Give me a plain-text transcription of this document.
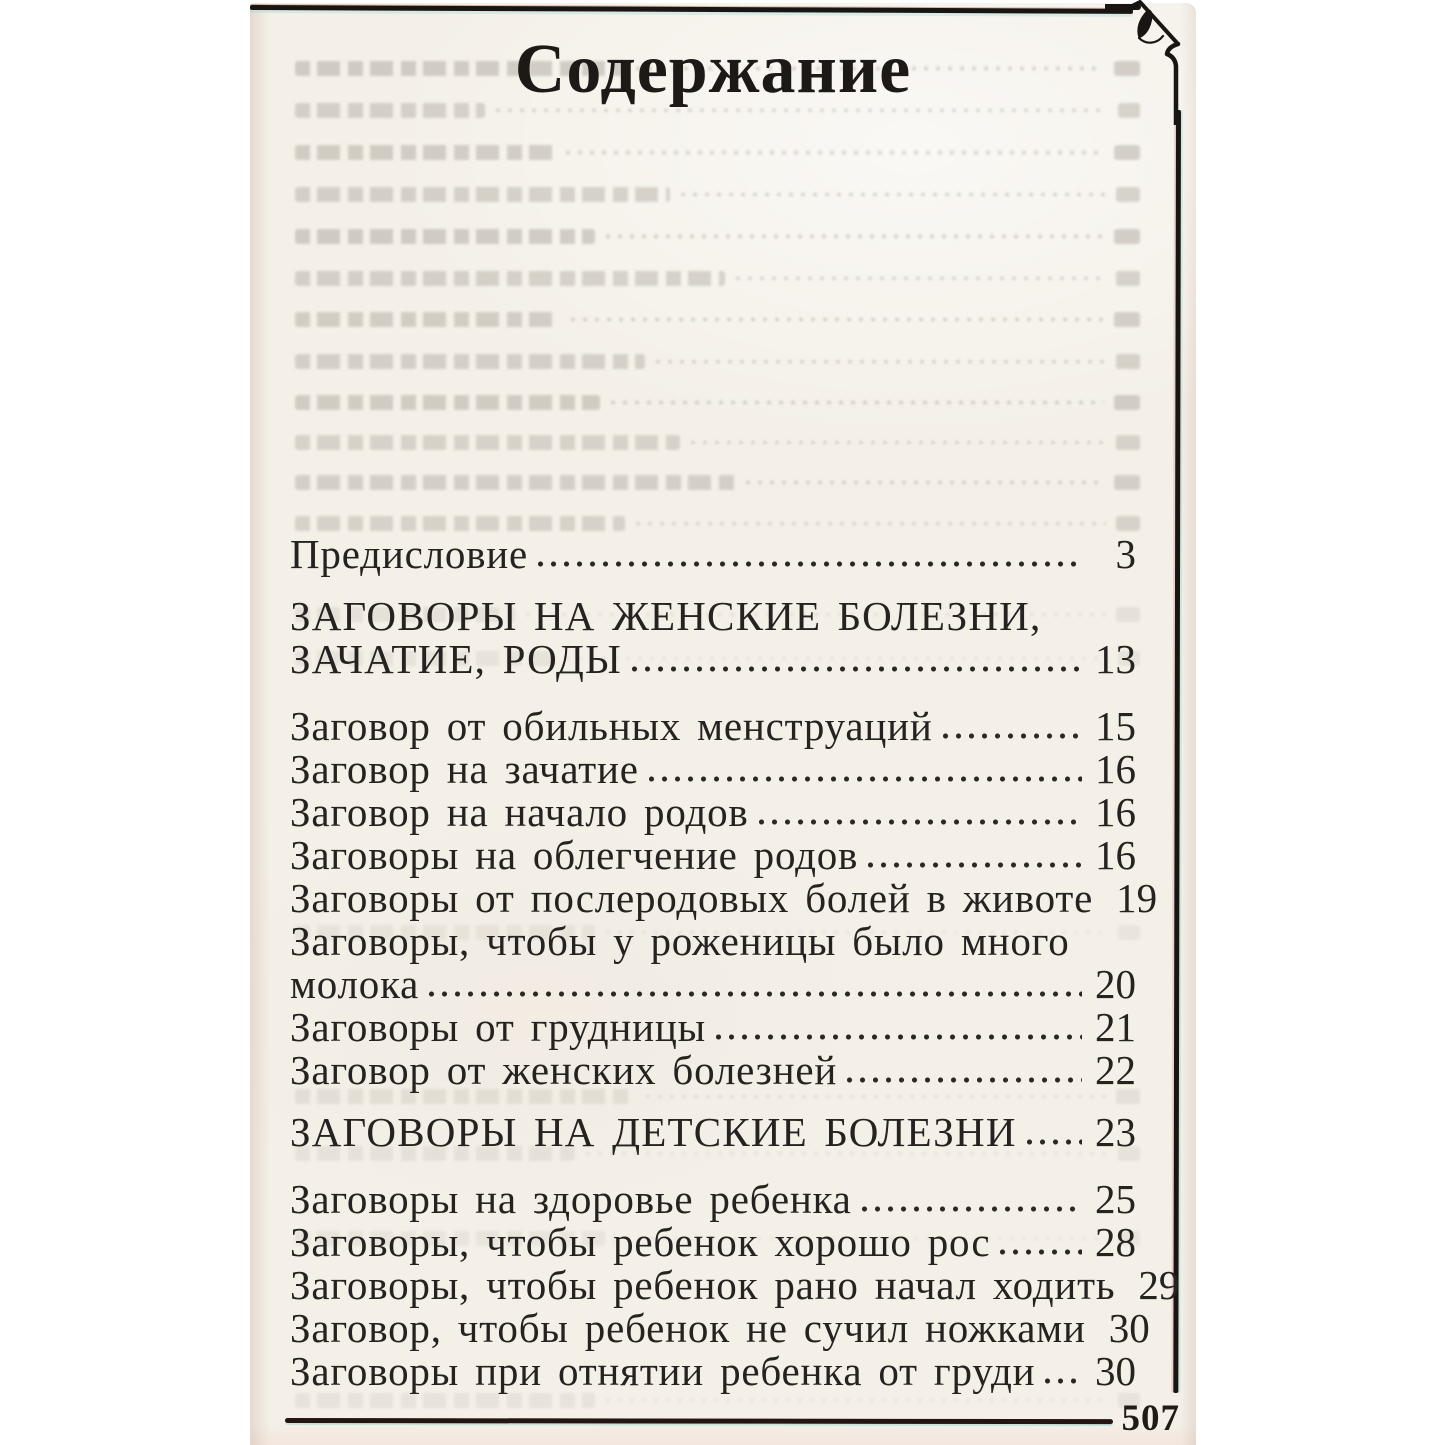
Содержание
Предисловие	3
ЗАГОВОРЫ НА ЖЕНСКИЕ БОЛЕЗНИ,
ЗАЧАТИЕ, РОДЫ	13
Заговор от обильных менструаций	15
Заговор на зачатие	16
Заговор на начало родов	16
Заговоры на облегчение родов	16
Заговоры от послеродовых болей в животе 19
Заговоры, чтобы у роженицы было много
молока	20
Заговоры от грудницы	21
Заговор от женских болезней	22
ЗАГОВОРЫ НА ДЕТСКИЕ БОЛЕЗНИ 23
Заговоры на здоровье ребенка	25
Заговоры, чтобы ребенок хорошо рос	28
Заговоры, чтобы ребенок рано начал ходить 29
Заговор, чтобы ребенок не сучил ножками 30
Заговоры при отнятии ребенка от груди 30
507
